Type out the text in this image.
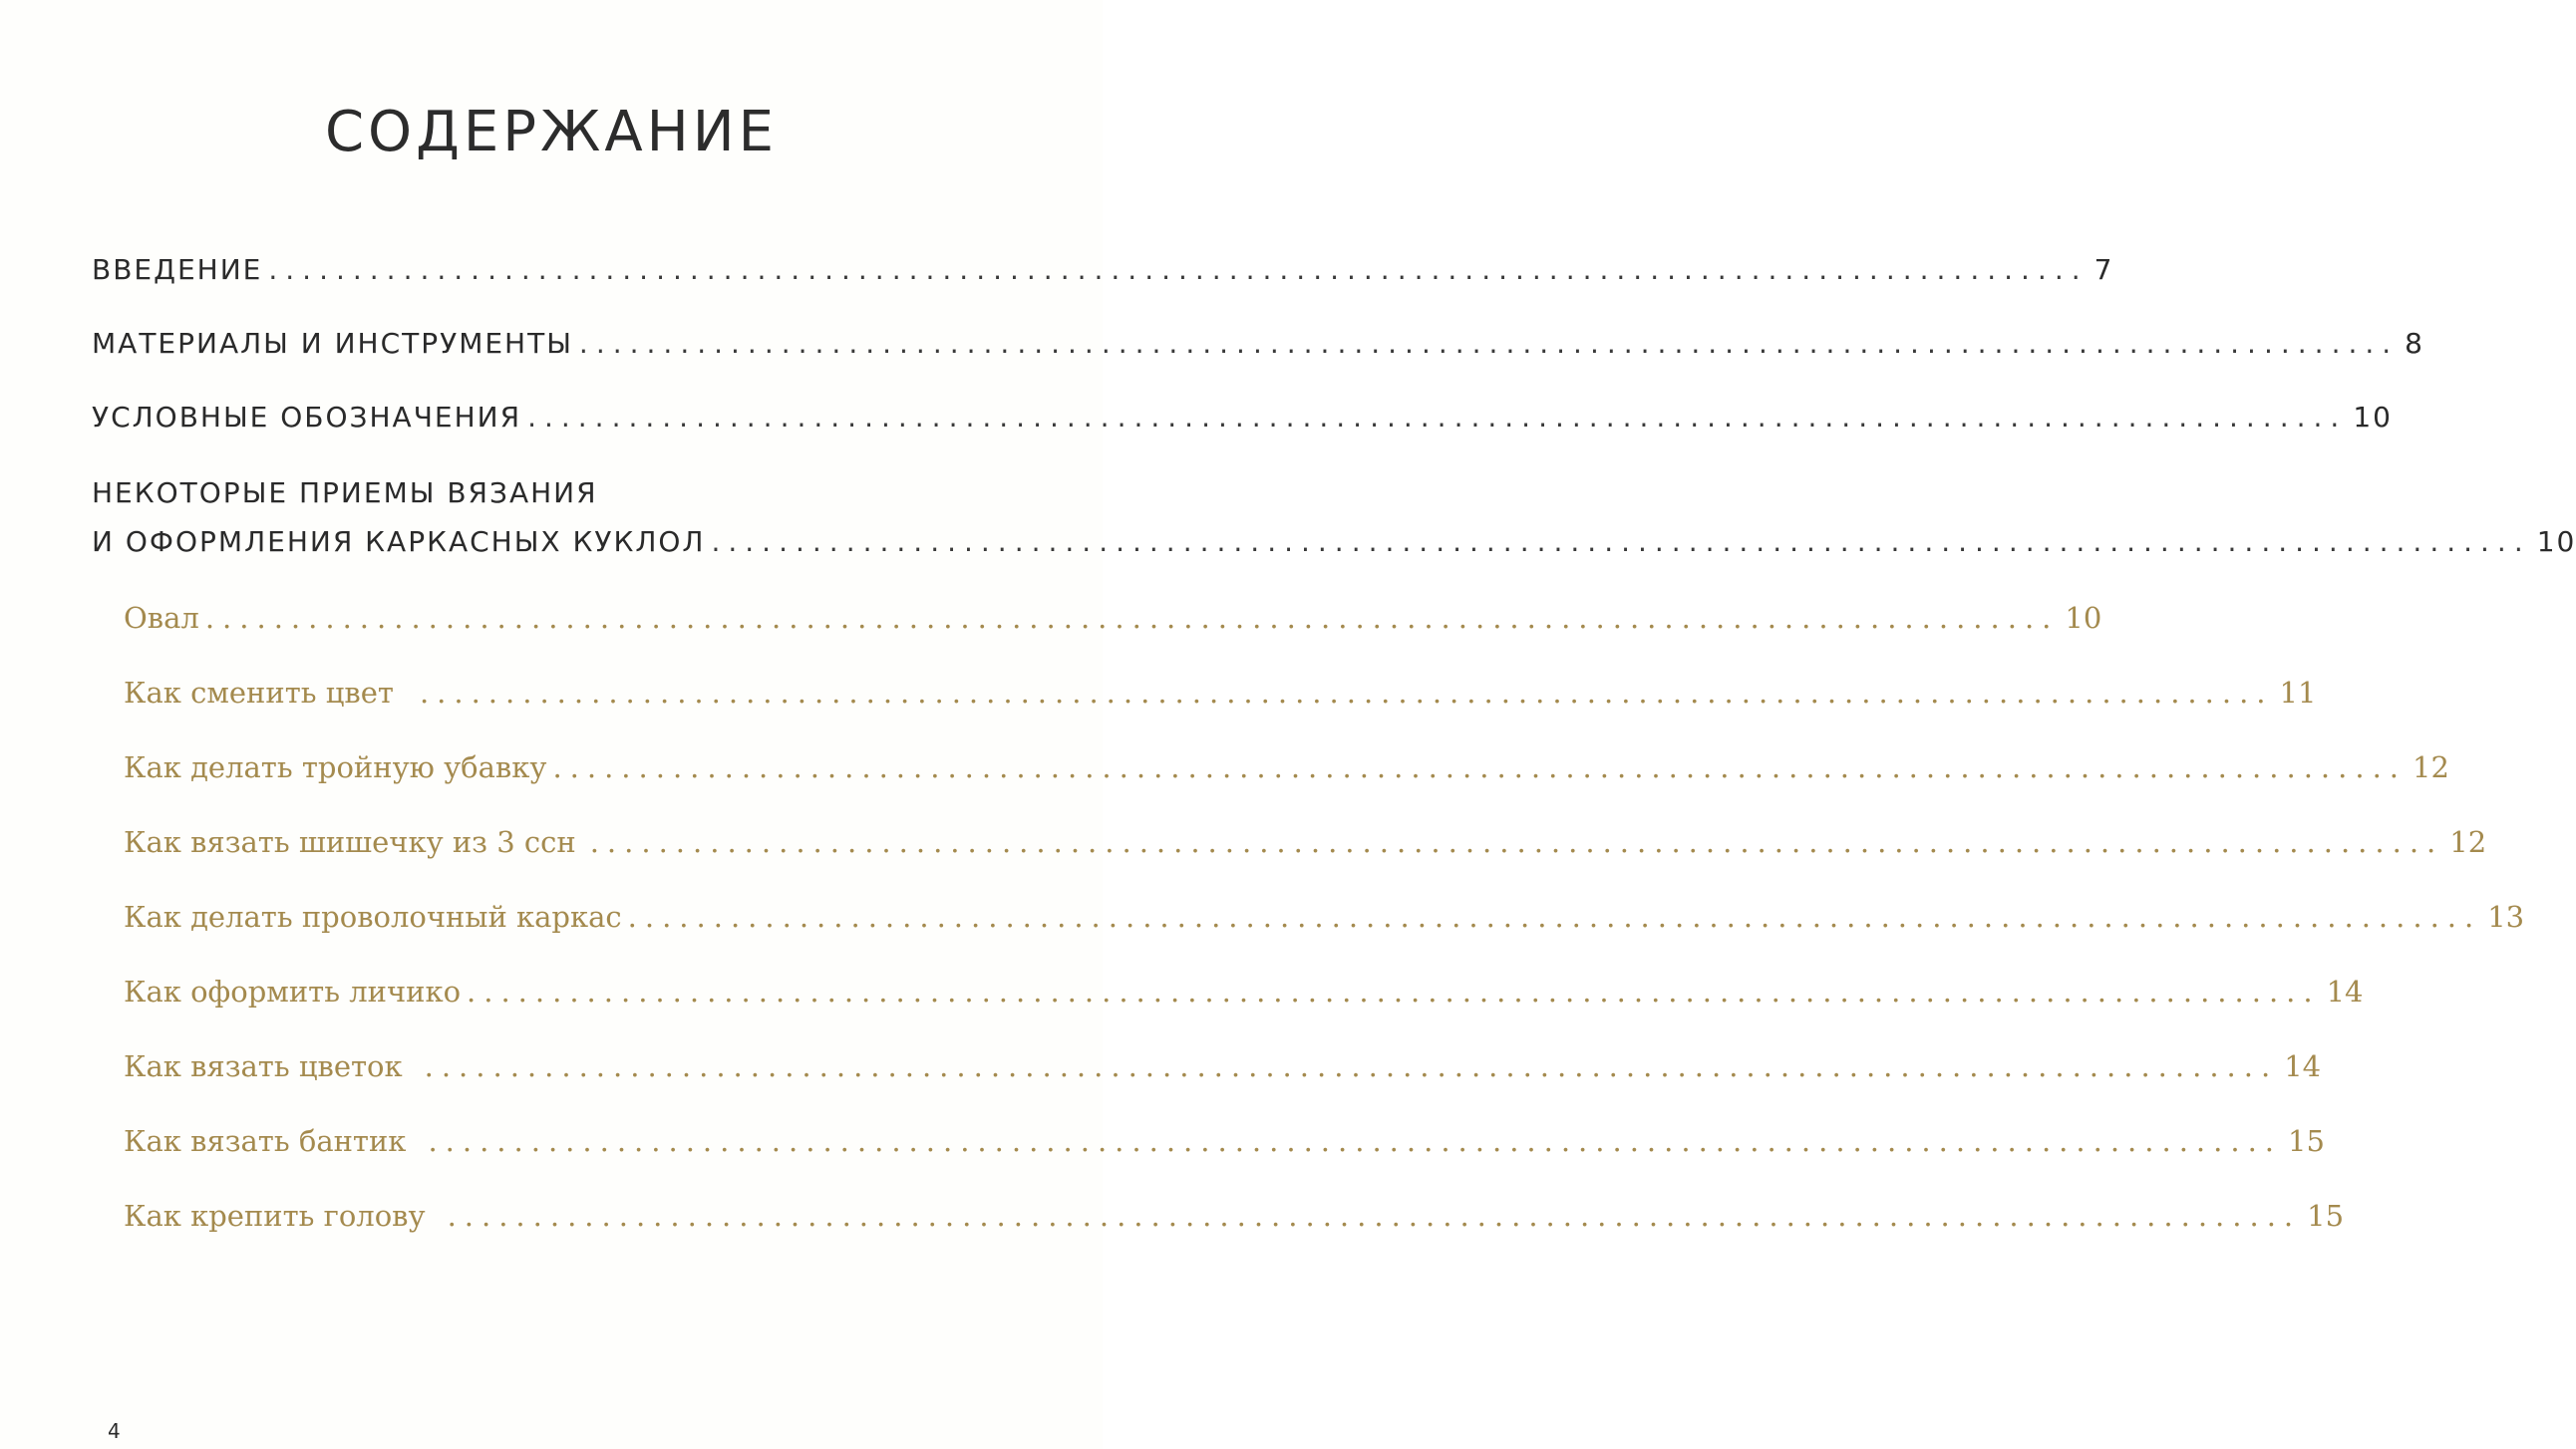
СОДЕРЖАНИЕ
ВВЕДЕНИЕ ............................................................................................................ 7
МАТЕРИАЛЫ И ИНСТРУМЕНТЫ ............................................................................................................ 8
УСЛОВНЫЕ ОБОЗНАЧЕНИЯ ............................................................................................................ 10
НЕКОТОРЫЕ ПРИЕМЫ ВЯЗАНИЯ
И ОФОРМЛЕНИЯ КАРКАСНЫХ КУКЛОЛ ............................................................................................................ 10
Овал ............................................................................................................ 10
Как сменить цвет ............................................................................................................ 11
Как делать тройную убавку ............................................................................................................ 12
Как вязать шишечку из 3 ссн ............................................................................................................ 12
Как делать проволочный каркас ............................................................................................................ 13
Как оформить личико ............................................................................................................ 14
Как вязать цветок ............................................................................................................ 14
Как вязать бантик ............................................................................................................ 15
Как крепить голову ............................................................................................................ 15
4
